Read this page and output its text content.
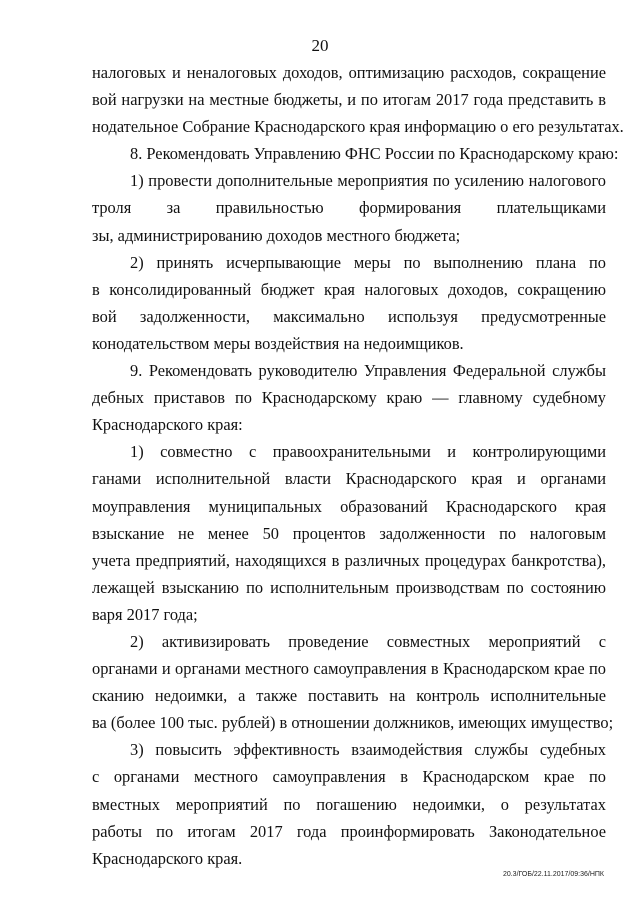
20
налоговых и неналоговых доходов, оптимизацию расходов, сокращение
вой нагрузки на местные бюджеты, и по итогам 2017 года представить в
нодательное Собрание Краснодарского края информацию о его результатах.
8. Рекомендовать Управлению ФНС России по Краснодарскому краю:
1) провести дополнительные мероприятия по усилению налогового
троля за правильностью формирования плательщиками
зы, администрированию доходов местного бюджета;
2) принять исчерпывающие меры по выполнению плана по
в консолидированный бюджет края налоговых доходов, сокращению
вой задолженности, максимально используя предусмотренные
конодательством меры воздействия на недоимщиков.
9. Рекомендовать руководителю Управления Федеральной службы
дебных приставов по Краснодарскому краю — главному судебному
Краснодарского края:
1) совместно с правоохранительными и контролирующими
ганами исполнительной власти Краснодарского края и органами
моуправления муниципальных образований Краснодарского края
взыскание не менее 50 процентов задолженности по налоговым
учета предприятий, находящихся в различных процедурах банкротства),
лежащей взысканию по исполнительным производствам по состоянию
варя 2017 года;
2) активизировать проведение совместных мероприятий с
органами и органами местного самоуправления в Краснодарском крае по
сканию недоимки, а также поставить на контроль исполнительные
ва (более 100 тыс. рублей) в отношении должников, имеющих имущество;
3) повысить эффективность взаимодействия службы судебных
с органами местного самоуправления в Краснодарском крае по
вместных мероприятий по погашению недоимки, о результатах
работы по итогам 2017 года проинформировать Законодательное
Краснодарского края.
20.3/ГОБ/22.11.2017/09:36/НПК
